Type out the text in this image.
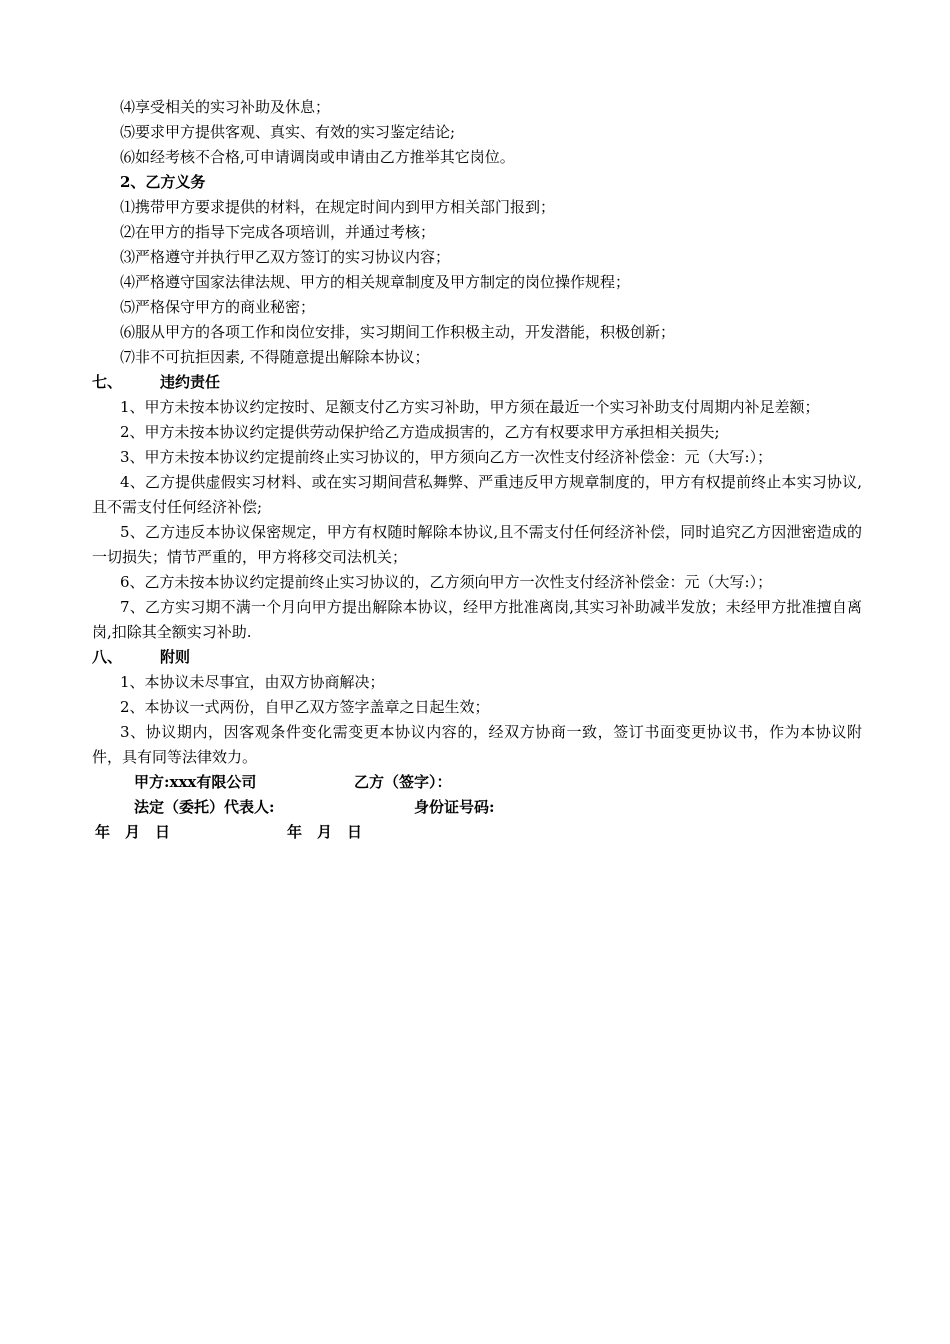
⑷享受相关的实习补助及休息；
⑸要求甲方提供客观、真实、有效的实习鉴定结论;
⑹如经考核不合格,可申请调岗或申请由乙方推举其它岗位。
2、乙方义务
⑴携带甲方要求提供的材料，在规定时间内到甲方相关部门报到；
⑵在甲方的指导下完成各项培训，并通过考核；
⑶严格遵守并执行甲乙双方签订的实习协议内容；
⑷严格遵守国家法律法规、甲方的相关规章制度及甲方制定的岗位操作规程；
⑸严格保守甲方的商业秘密；
⑹服从甲方的各项工作和岗位安排，实习期间工作积极主动，开发潜能，积极创新；
⑺非不可抗拒因素, 不得随意提出解除本协议；
七、	违约责任
1、甲方未按本协议约定按时、足额支付乙方实习补助，甲方须在最近一个实习补助支付周期内补足差额；
2、甲方未按本协议约定提供劳动保护给乙方造成损害的，乙方有权要求甲方承担相关损失;
3、甲方未按本协议约定提前终止实习协议的，甲方须向乙方一次性支付经济补偿金：元（大写:）；
4、乙方提供虚假实习材料、或在实习期间营私舞弊、严重违反甲方规章制度的，甲方有权提前终止本实习协议,且不需支付任何经济补偿;
5、乙方违反本协议保密规定，甲方有权随时解除本协议,且不需支付任何经济补偿，同时追究乙方因泄密造成的一切损失；情节严重的，甲方将移交司法机关；
6、乙方未按本协议约定提前终止实习协议的，乙方须向甲方一次性支付经济补偿金：元（大写:）；
7、乙方实习期不满一个月向甲方提出解除本协议，经甲方批准离岗,其实习补助减半发放；未经甲方批准擅自离岗,扣除其全额实习补助.
八、	附则
1、本协议未尽事宜，由双方协商解决；
2、本协议一式两份，自甲乙双方签字盖章之日起生效；
3、协议期内，因客观条件变化需变更本协议内容的，经双方协商一致，签订书面变更协议书，作为本协议附件，具有同等法律效力。
甲方:xxx有限公司	乙方（签字）：
法定（委托）代表人:	身份证号码:
年　月　日	年　月　日
